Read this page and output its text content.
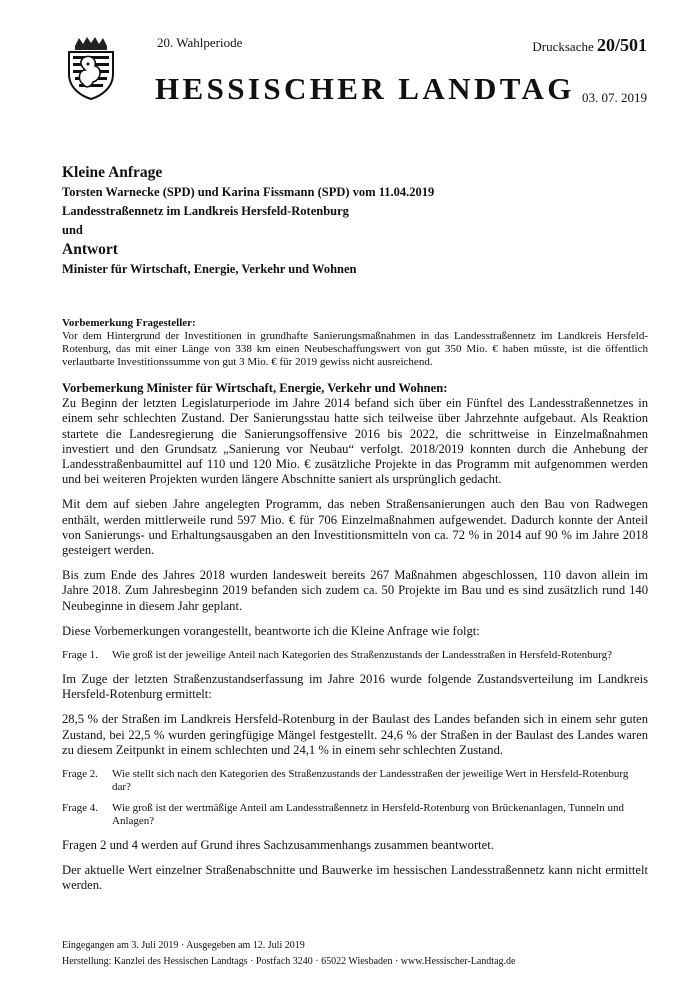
20. Wahlperiode
HESSISCHER LANDTAG
Drucksache 20/501
03. 07. 2019
Kleine Anfrage
Torsten Warnecke (SPD) und Karina Fissmann (SPD) vom 11.04.2019
Landesstraßennetz im Landkreis Hersfeld-Rotenburg
und
Antwort
Minister für Wirtschaft, Energie, Verkehr und Wohnen
Vorbemerkung Fragesteller:
Vor dem Hintergrund der Investitionen in grundhafte Sanierungsmaßnahmen in das Landesstraßennetz im Landkreis Hersfeld-Rotenburg, das mit einer Länge von 338 km einen Neubeschaffungswert von gut 350 Mio. € haben müsste, ist die öffentlich verlautbarte Investitionssumme von gut 3 Mio. € für 2019 gewiss nicht ausreichend.
Vorbemerkung Minister für Wirtschaft, Energie, Verkehr und Wohnen:

Zu Beginn der letzten Legislaturperiode im Jahre 2014 befand sich über ein Fünftel des Landesstraßennetzes in einem sehr schlechten Zustand. Der Sanierungsstau hatte sich teilweise über Jahrzehnte aufgebaut. Als Reaktion startete die Landesregierung die Sanierungsoffensive 2016 bis 2022, die schrittweise in Einzelmaßnahmen investiert und den Grundsatz „Sanierung vor Neubau“ verfolgt. 2018/2019 konnten durch die Anhebung der Landesstraßenbaumittel auf 110 und 120 Mio. € zusätzliche Projekte in das Programm mit aufgenommen werden und bei weiteren Projekten wurden längere Abschnitte saniert als ursprünglich gedacht.

Mit dem auf sieben Jahre angelegten Programm, das neben Straßensanierungen auch den Bau von Radwegen enthält, werden mittlerweile rund 597 Mio. € für 706 Einzelmaßnahmen aufgewendet. Dadurch konnte der Anteil von Sanierungs- und Erhaltungsausgaben an den Investitionsmitteln von ca. 72 % in 2014 auf 90 % im Jahre 2018 gesteigert werden.

Bis zum Ende des Jahres 2018 wurden landesweit bereits 267 Maßnahmen abgeschlossen, 110 davon allein im Jahre 2018. Zum Jahresbeginn 2019 befanden sich zudem ca. 50 Projekte im Bau und es sind zusätzlich rund 140 Neubeginne in diesem Jahr geplant.

Diese Vorbemerkungen vorangestellt, beantworte ich die Kleine Anfrage wie folgt:

Frage 1.	Wie groß ist der jeweilige Anteil nach Kategorien des Straßenzustands der Landesstraßen in Hersfeld-Rotenburg?

Im Zuge der letzten Straßenzustandserfassung im Jahre 2016 wurde folgende Zustandsverteilung im Landkreis Hersfeld-Rotenburg ermittelt:

28,5 % der Straßen im Landkreis Hersfeld-Rotenburg in der Baulast des Landes befanden sich in einem sehr guten Zustand, bei 22,5 % wurden geringfügige Mängel festgestellt. 24,6 % der Straßen in der Baulast des Landes waren zu diesem Zeitpunkt in einem schlechten und 24,1 % in einem sehr schlechten Zustand.

Frage 2.	Wie stellt sich nach den Kategorien des Straßenzustands der Landesstraßen der jeweilige Wert in Hersfeld-Rotenburg dar?
Frage 4.	Wie groß ist der wertmäßige Anteil am Landesstraßennetz in Hersfeld-Rotenburg von Brückenanlagen, Tunneln und Anlagen?

Fragen 2 und 4 werden auf Grund ihres Sachzusammenhangs zusammen beantwortet.

Der aktuelle Wert einzelner Straßenabschnitte und Bauwerke im hessischen Landesstraßennetz kann nicht ermittelt werden.

Eingegangen am 3. Juli 2019 · Ausgegeben am 12. Juli 2019
Herstellung: Kanzlei des Hessischen Landtags · Postfach 3240 · 65022 Wiesbaden · www.Hessischer-Landtag.de
